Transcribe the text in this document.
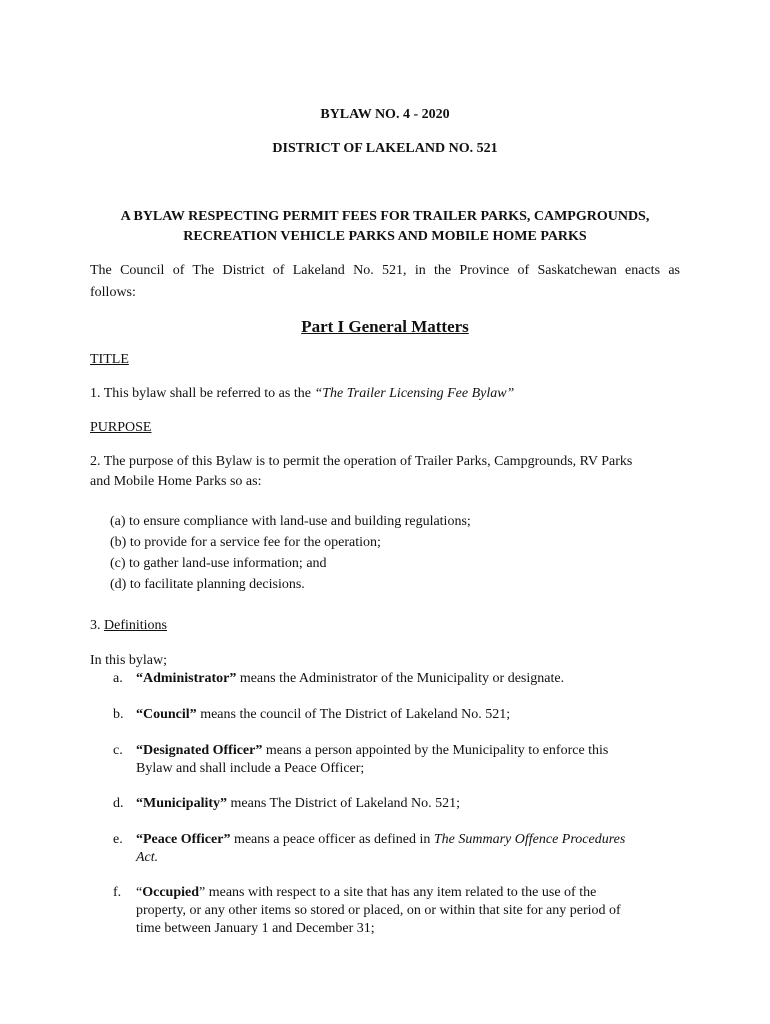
BYLAW NO. 4 - 2020
DISTRICT OF LAKELAND NO. 521
A BYLAW RESPECTING PERMIT FEES FOR TRAILER PARKS, CAMPGROUNDS,
RECREATION VEHICLE PARKS AND MOBILE HOME PARKS
The Council of The District of Lakeland No. 521, in the Province of Saskatchewan enacts as
follows:
Part I General Matters
TITLE
1. This bylaw shall be referred to as the “The Trailer Licensing Fee Bylaw”
PURPOSE
2. The purpose of this Bylaw is to permit the operation of Trailer Parks, Campgrounds, RV Parks
and Mobile Home Parks so as:
(a) to ensure compliance with land-use and building regulations;
(b) to provide for a service fee for the operation;
(c) to gather land-use information; and
(d) to facilitate planning decisions.
3. Definitions
In this bylaw;
a. “Administrator” means the Administrator of the Municipality or designate.
b. “Council” means the council of The District of Lakeland No. 521;
c. “Designated Officer” means a person appointed by the Municipality to enforce this
Bylaw and shall include a Peace Officer;
d. “Municipality” means The District of Lakeland No. 521;
e. “Peace Officer” means a peace officer as defined in The Summary Offence Procedures
Act.
f. “Occupied” means with respect to a site that has any item related to the use of the
property, or any other items so stored or placed, on or within that site for any period of
time between January 1 and December 31;
